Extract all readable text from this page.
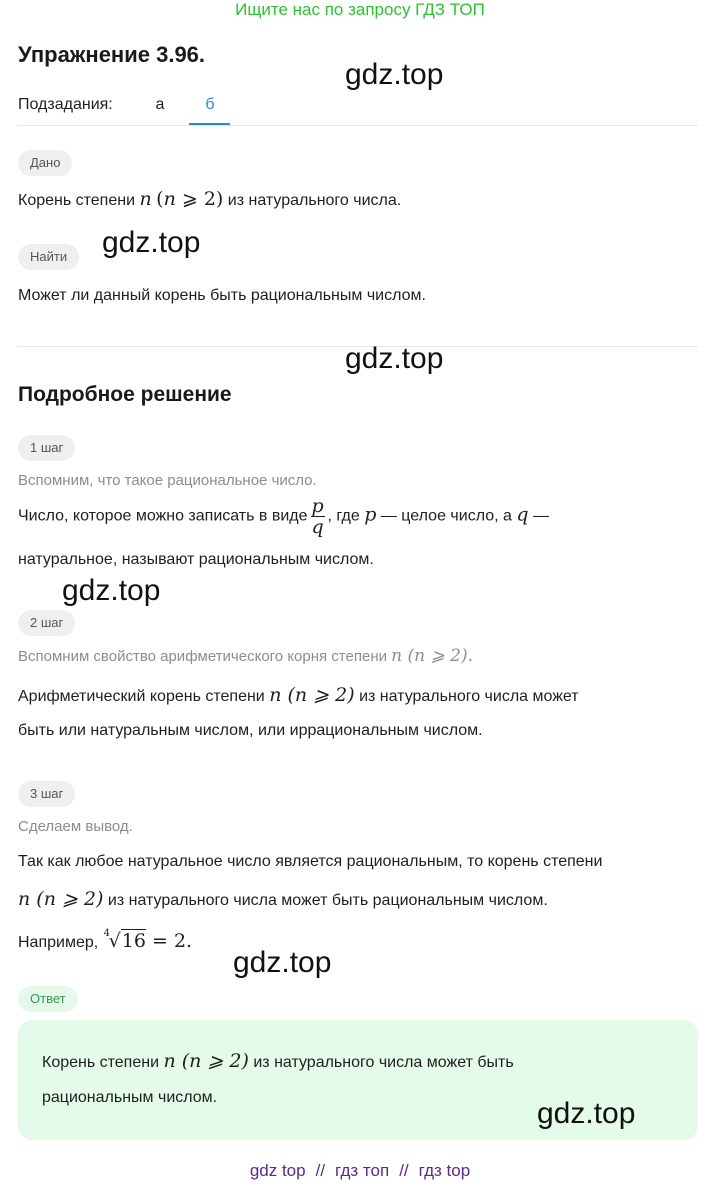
Ищите нас по запросу ГДЗ ТОП
Упражнение 3.96.
gdz.top
Подзадания:	а	б
Дано
Корень степени n (n ⩾ 2) из натурального числа.
Найти	gdz.top
Может ли данный корень быть рациональным числом.
gdz.top
Подробное решение
1 шаг
Вспомним, что такое рациональное число.
Число, которое можно записать в виде $\frac{p}{q}$ , где p — целое число, а q —
натуральное, называют рациональным числом.
gdz.top
2 шаг
Вспомним свойство арифметического корня степени n (n ⩾ 2).
Арифметический корень степени n (n ⩾ 2) из натурального числа может
быть или натуральным числом, или иррациональным числом.
3 шаг
Сделаем вывод.
Так как любое натуральное число является рациональным, то корень степени
n (n ⩾ 2) из натурального числа может быть рациональным числом.
Например,
4
√16 = 2.
gdz.top
Ответ
Корень степени n (n ⩾ 2) из натурального числа может быть
рациональным числом.	gdz.top
gdz top // гдз топ // гдз top
